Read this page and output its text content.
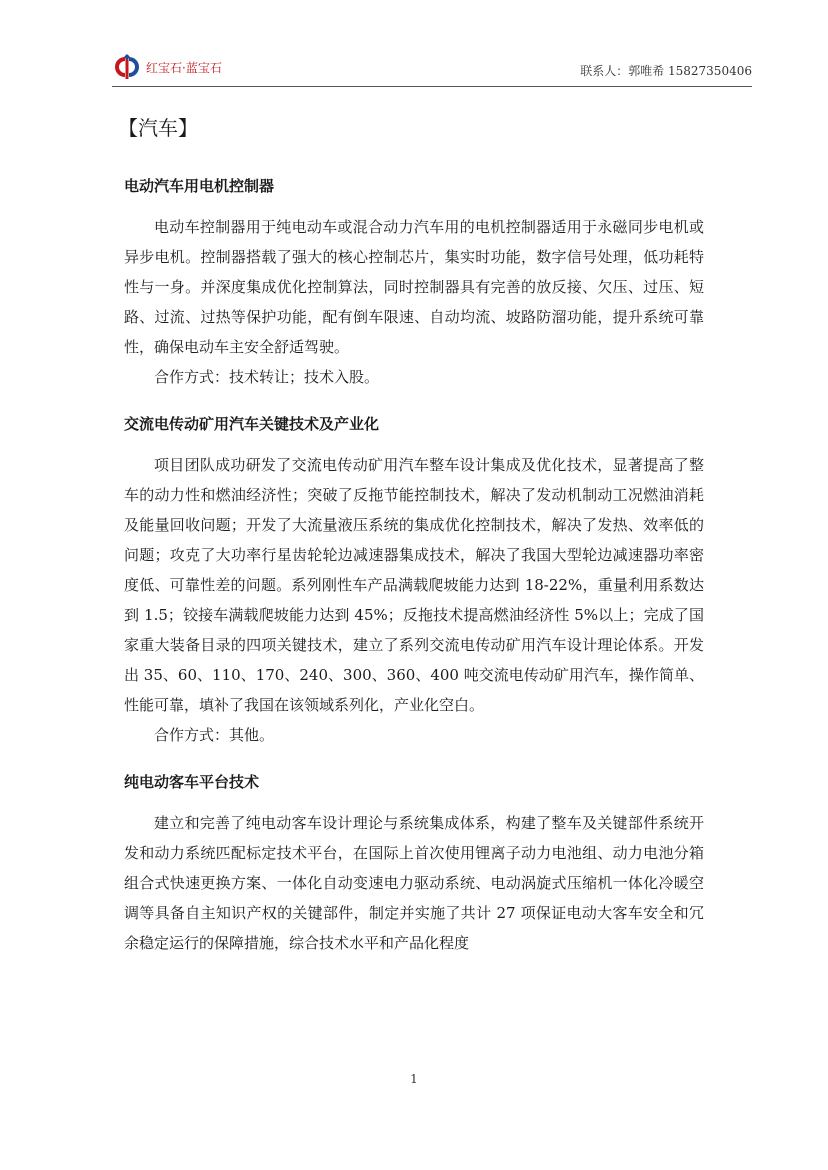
红宝石·蓝宝石	联系人：郭唯希 15827350406
【汽车】
电动汽车用电机控制器

电动车控制器用于纯电动车或混合动力汽车用的电机控制器适用于永磁同步电机或异步电机。控制器搭载了强大的核心控制芯片，集实时功能，数字信号处理，低功耗特性与一身。并深度集成优化控制算法，同时控制器具有完善的放反接、欠压、过压、短路、过流、过热等保护功能，配有倒车限速、自动均流、坡路防溜功能，提升系统可靠性，确保电动车主安全舒适驾驶。

合作方式：技术转让；技术入股。

交流电传动矿用汽车关键技术及产业化

项目团队成功研发了交流电传动矿用汽车整车设计集成及优化技术，显著提高了整车的动力性和燃油经济性；突破了反拖节能控制技术，解决了发动机制动工况燃油消耗及能量回收问题；开发了大流量液压系统的集成优化控制技术，解决了发热、效率低的问题；攻克了大功率行星齿轮轮边减速器集成技术，解决了我国大型轮边减速器功率密度低、可靠性差的问题。系列刚性车产品满载爬坡能力达到 18-22%，重量利用系数达到 1.5；铰接车满载爬坡能力达到 45%；反拖技术提高燃油经济性 5%以上；完成了国家重大装备目录的四项关键技术，建立了系列交流电传动矿用汽车设计理论体系。开发出 35、60、110、170、240、300、360、400 吨交流电传动矿用汽车，操作简单、性能可靠，填补了我国在该领域系列化，产业化空白。

合作方式：其他。

纯电动客车平台技术

建立和完善了纯电动客车设计理论与系统集成体系，构建了整车及关键部件系统开发和动力系统匹配标定技术平台，在国际上首次使用锂离子动力电池组、动力电池分箱组合式快速更换方案、一体化自动变速电力驱动系统、电动涡旋式压缩机一体化冷暖空调等具备自主知识产权的关键部件，制定并实施了共计 27 项保证电动大客车安全和冗余稳定运行的保障措施，综合技术水平和产品化程度

1
